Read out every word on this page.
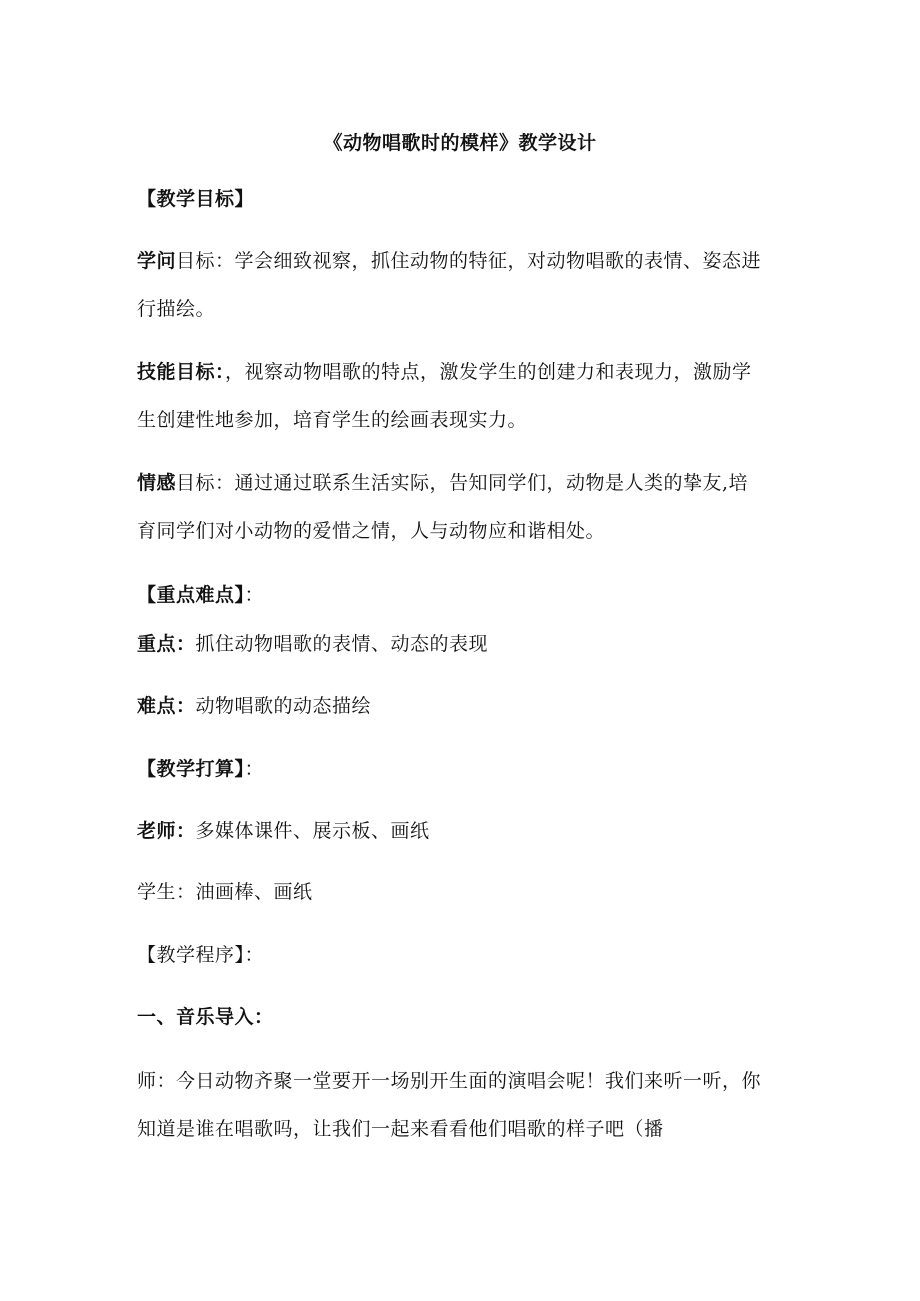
《动物唱歌时的模样》教学设计
【教学目标】
学问目标：学会细致视察，抓住动物的特征，对动物唱歌的表情、姿态进
行描绘。
技能目标：，视察动物唱歌的特点，激发学生的创建力和表现力，激励学
生创建性地参加，培育学生的绘画表现实力。
情感目标：通过通过联系生活实际，告知同学们，动物是人类的挚友,培
育同学们对小动物的爱惜之情，人与动物应和谐相处。
【重点难点】：
重点：抓住动物唱歌的表情、动态的表现
难点：动物唱歌的动态描绘
【教学打算】：
老师：多媒体课件、展示板、画纸
学生：油画棒、画纸
【教学程序】：
一、音乐导入：
师：今日动物齐聚一堂要开一场别开生面的演唱会呢！我们来听一听，你
知道是谁在唱歌吗，让我们一起来看看他们唱歌的样子吧（播
